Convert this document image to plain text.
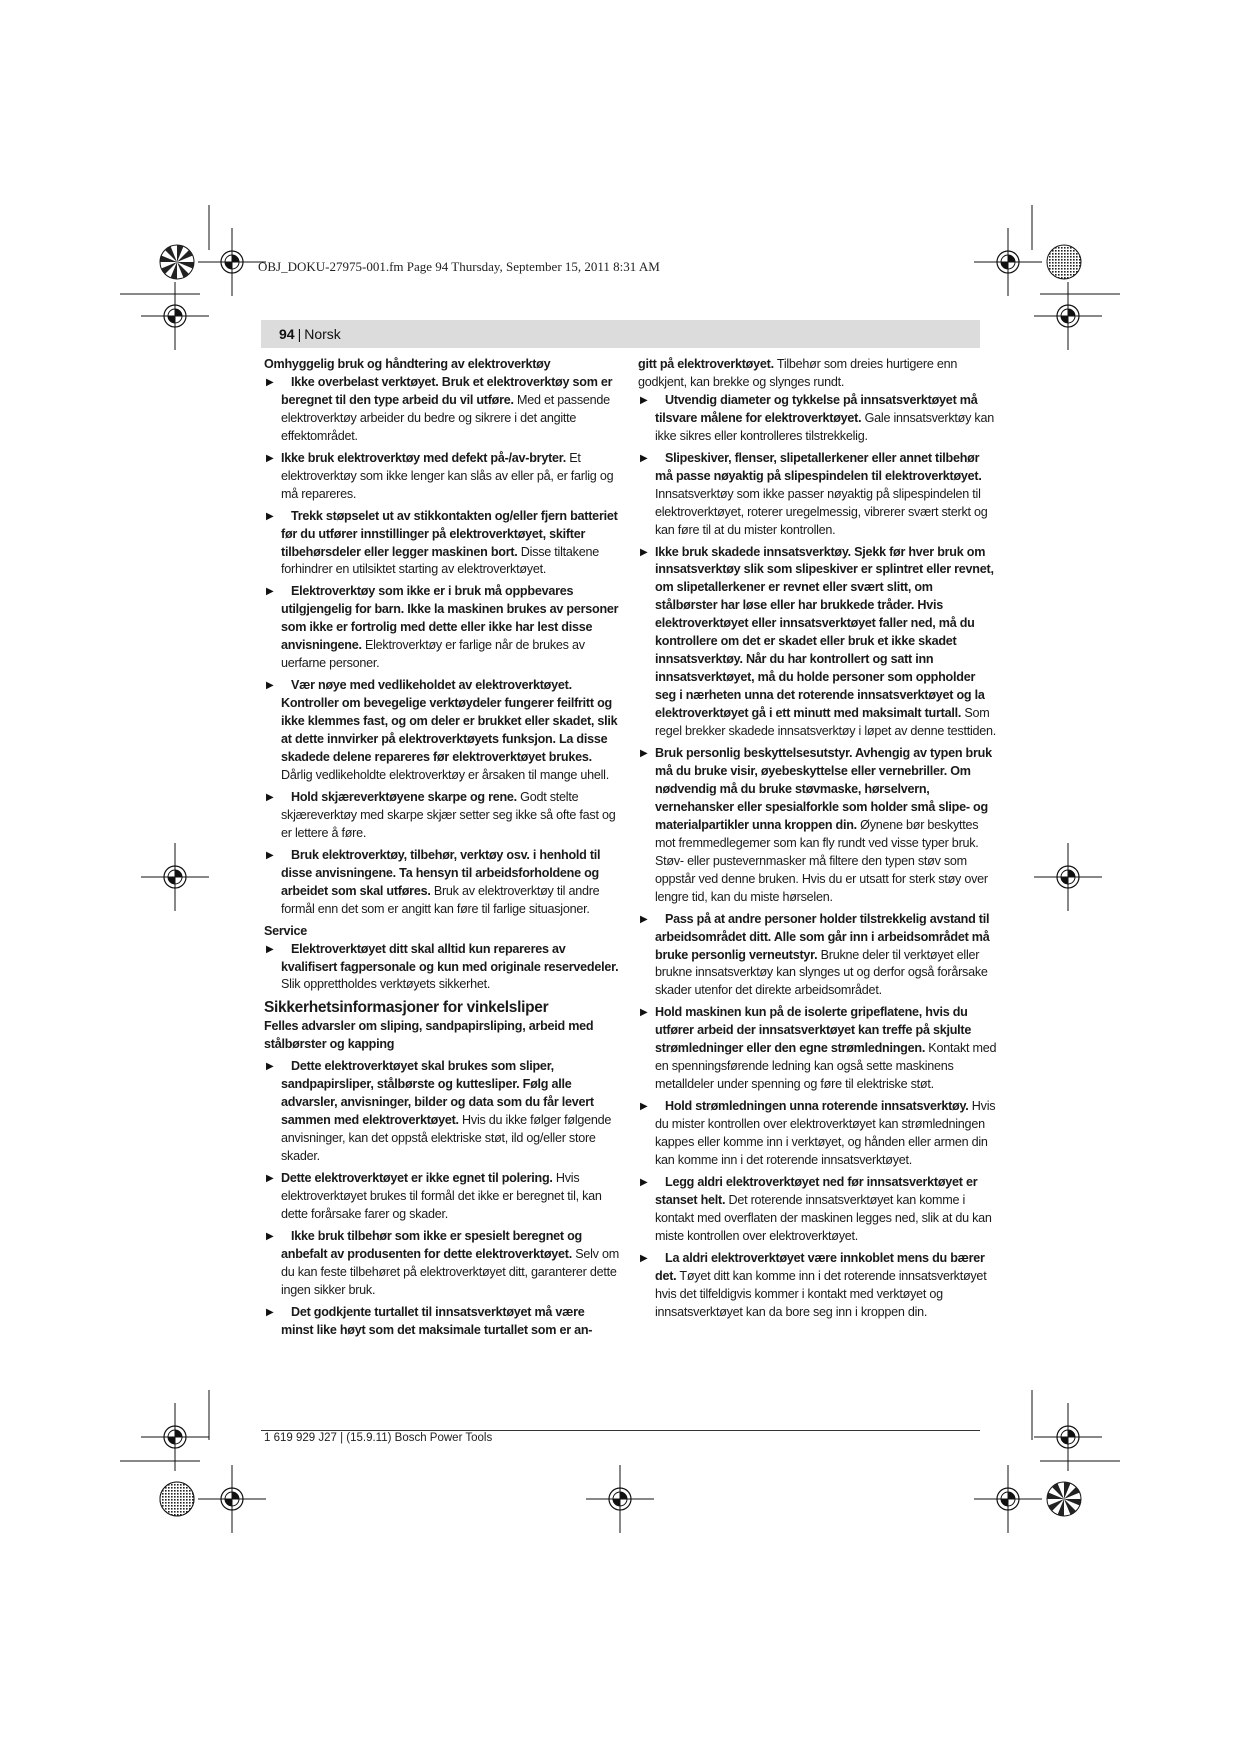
OBJ_DOKU-27975-001.fm Page 94 Thursday, September 15, 2011 8:31 AM
94 | Norsk

Omhyggelig bruk og håndtering av elektroverktøy

▶ Ikke overbelast verktøyet. Bruk et elektroverktøy som er beregnet til den type arbeid du vil utføre. Med et passende elektroverktøy arbeider du bedre og sikrere i det angitte effektområdet.
▶ Ikke bruk elektroverktøy med defekt på-/av-bryter. Et elektroverktøy som ikke lenger kan slås av eller på, er farlig og må repareres.
▶ Trekk støpselet ut av stikkontakten og/eller fjern batteriet før du utfører innstillinger på elektroverktøyet, skifter tilbehørsdeler eller legger maskinen bort. Disse tiltakene forhindrer en utilsiktet starting av elektroverktøyet.
▶ Elektroverktøy som ikke er i bruk må oppbevares utilgjengelig for barn. Ikke la maskinen brukes av personer som ikke er fortrolig med dette eller ikke har lest disse anvisningene. Elektroverktøy er farlige når de brukes av uerfarne personer.
▶ Vær nøye med vedlikeholdet av elektroverktøyet. Kontroller om bevegelige verktøydeler fungerer feilfritt og ikke klemmes fast, og om deler er brukket eller skadet, slik at dette innvirker på elektroverktøyets funksjon. La disse skadede delene repareres før elektroverktøyet brukes. Dårlig vedlikeholdte elektroverktøy er årsaken til mange uhell.
▶ Hold skjæreverktøyene skarpe og rene. Godt stelte skjæreverktøy med skarpe skjær setter seg ikke så ofte fast og er lettere å føre.
▶ Bruk elektroverktøy, tilbehør, verktøy osv. i henhold til disse anvisningene. Ta hensyn til arbeidsforholdene og arbeidet som skal utføres. Bruk av elektroverktøy til andre formål enn det som er angitt kan føre til farlige situasjoner.

Service

▶ Elektroverktøyet ditt skal alltid kun repareres av kvalifisert fagpersonale og kun med originale reservedeler. Slik opprettholdes verktøyets sikkerhet.

Sikkerhetsinformasjoner for vinkelsliper

Felles advarsler om sliping, sandpapirsliping, arbeid med stålbørster og kapping

▶ Dette elektroverktøyet skal brukes som sliper, sandpapirsliper, stålbørste og kuttesliper. Følg alle advarsler, anvisninger, bilder og data som du får levert sammen med elektroverktøyet. Hvis du ikke følger følgende anvisninger, kan det oppstå elektriske støt, ild og/eller store skader.
▶ Dette elektroverktøyet er ikke egnet til polering. Hvis elektroverktøyet brukes til formål det ikke er beregnet til, kan dette forårsake farer og skader.
▶ Ikke bruk tilbehør som ikke er spesielt beregnet og anbefalt av produsenten for dette elektroverktøyet. Selv om du kan feste tilbehøret på elektroverktøyet ditt, garanterer dette ingen sikker bruk.
▶ Det godkjente turtallet til innsatsverktøyet må være minst like høyt som det maksimale turtallet som er an-

gitt på elektroverktøyet. Tilbehør som dreies hurtigere enn godkjent, kan brekke og slynges rundt.

▶ Utvendig diameter og tykkelse på innsatsverktøyet må tilsvare målene for elektroverktøyet. Gale innsatsverktøy kan ikke sikres eller kontrolleres tilstrekkelig.
▶ Slipeskiver, flenser, slipetallerkener eller annet tilbehør må passe nøyaktig på slipespindelen til elektroverktøyet. Innsatsverktøy som ikke passer nøyaktig på slipespindelen til elektroverktøyet, roterer uregelmessig, vibrerer svært sterkt og kan føre til at du mister kontrollen.
▶ Ikke bruk skadede innsatsverktøy. Sjekk før hver bruk om innsatsverktøy slik som slipeskiver er splintret eller revnet, om slipetallerkener er revnet eller svært slitt, om stålbørster har løse eller har brukkede tråder. Hvis elektroverktøyet eller innsatsverktøyet faller ned, må du kontrollere om det er skadet eller bruk et ikke skadet innsatsverktøy. Når du har kontrollert og satt inn innsatsverktøyet, må du holde personer som oppholder seg i nærheten unna det roterende innsatsverktøyet og la elektroverktøyet gå i ett minutt med maksimalt turtall. Som regel brekker skadede innsatsverktøy i løpet av denne testtiden.
▶ Bruk personlig beskyttelsesutstyr. Avhengig av typen bruk må du bruke visir, øyebeskyttelse eller vernebriller. Om nødvendig må du bruke støvmaske, hørselvern, vernehansker eller spesialforkle som holder små slipe- og materialpartikler unna kroppen din. Øynene bør beskyttes mot fremmedlegemer som kan fly rundt ved visse typer bruk. Støv- eller pustevernmasker må filtere den typen støv som oppstår ved denne bruken. Hvis du er utsatt for sterk støy over lengre tid, kan du miste hørselen.
▶ Pass på at andre personer holder tilstrekkelig avstand til arbeidsområdet ditt. Alle som går inn i arbeidsområdet må bruke personlig verneutstyr. Brukne deler til verktøyet eller brukne innsatsverktøy kan slynges ut og derfor også forårsake skader utenfor det direkte arbeidsområdet.
▶ Hold maskinen kun på de isolerte gripeflatene, hvis du utfører arbeid der innsatsverktøyet kan treffe på skjulte strømledninger eller den egne strømledningen. Kontakt med en spenningsførende ledning kan også sette maskinens metalldeler under spenning og føre til elektriske støt.
▶ Hold strømledningen unna roterende innsatsverktøy. Hvis du mister kontrollen over elektroverktøyet kan strømledningen kappes eller komme inn i verktøyet, og hånden eller armen din kan komme inn i det roterende innsatsverktøyet.
▶ Legg aldri elektroverktøyet ned før innsatsverktøyet er stanset helt. Det roterende innsatsverktøyet kan komme i kontakt med overflaten der maskinen legges ned, slik at du kan miste kontrollen over elektroverktøyet.
▶ La aldri elektroverktøyet være innkoblet mens du bærer det. Tøyet ditt kan komme inn i det roterende innsatsverktøyet hvis det tilfeldigvis kommer i kontakt med verktøyet og innsatsverktøyet kan da bore seg inn i kroppen din.
1 619 929 J27 | (15.9.11) Bosch Power Tools
